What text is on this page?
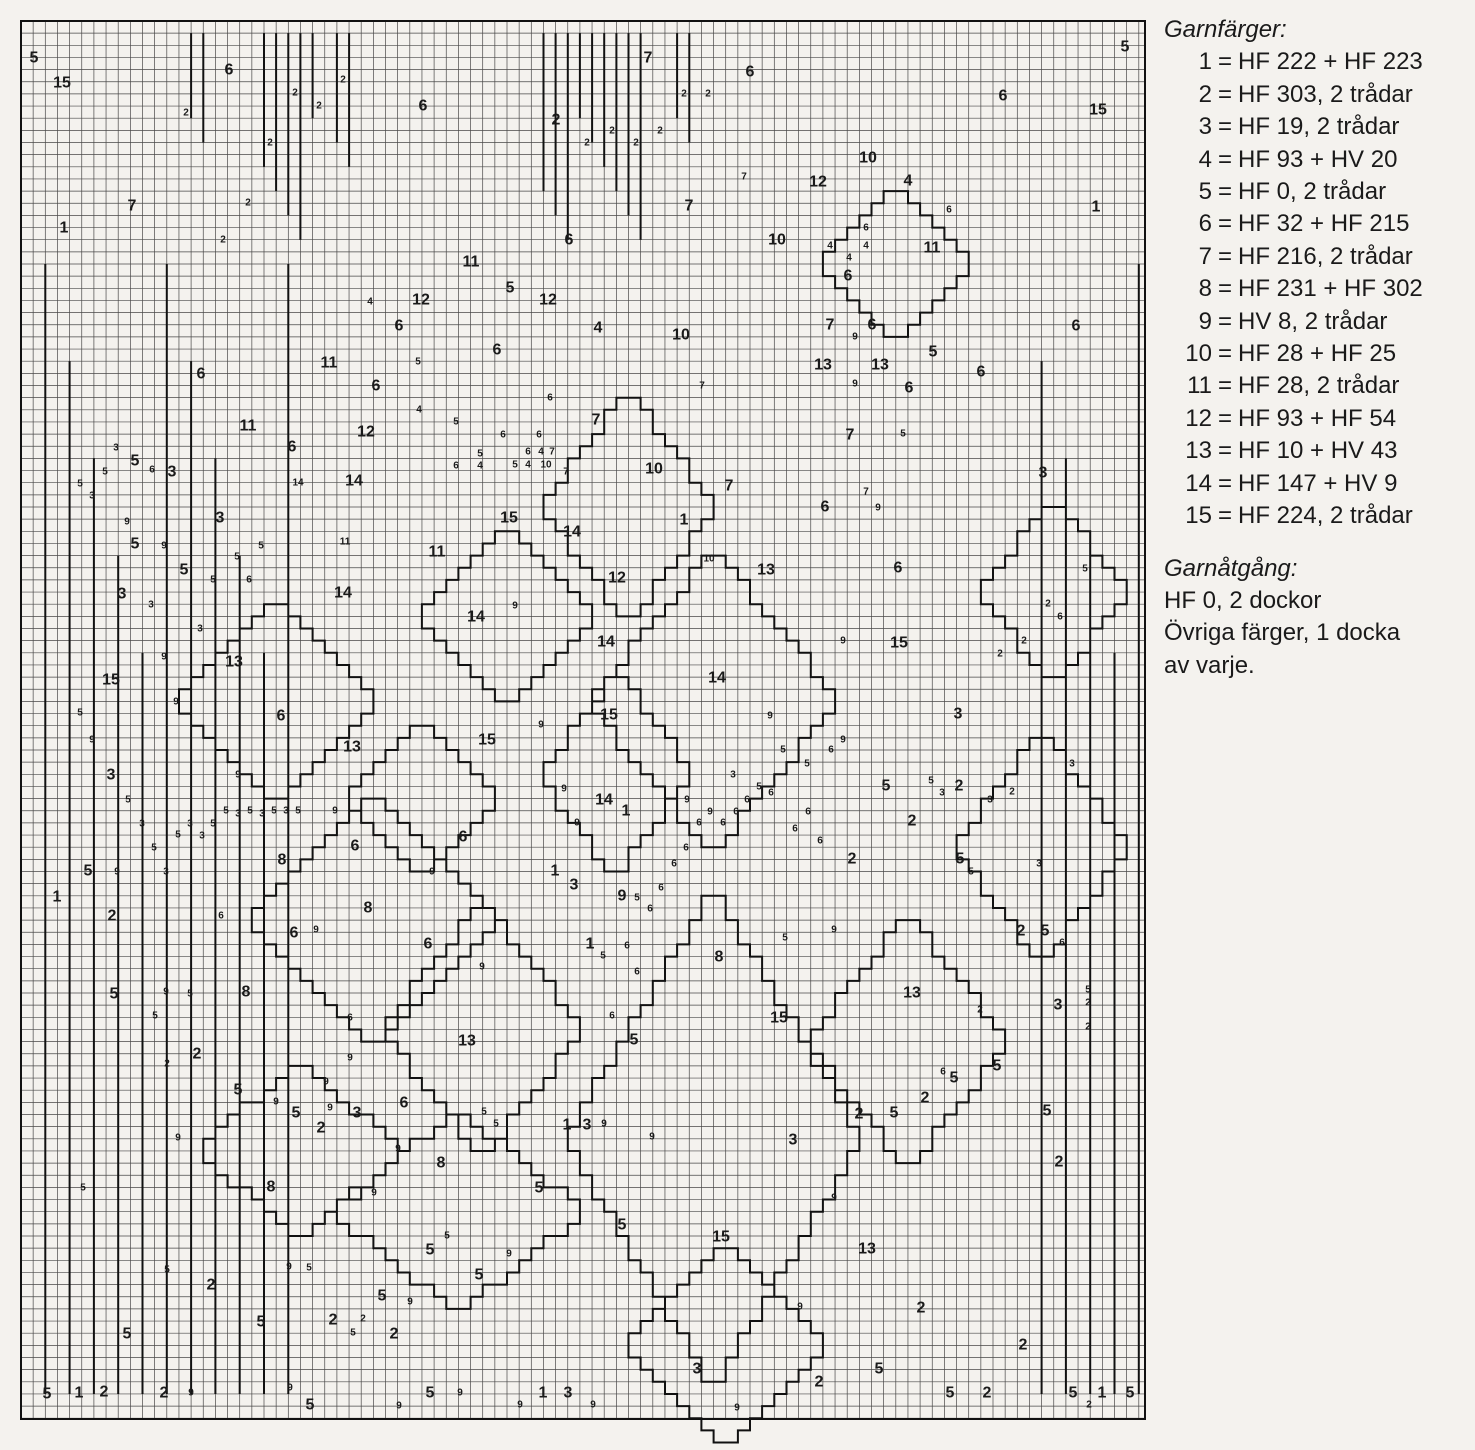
5
15
6
6
7
6
6
5
15
2
10
12	4
7	7
1
1
10	11
6
11
5
12
12
6
4	10
6	7 6	6
6
11	13 13
5
6
6	6
6
11	12
6
7
7
5
3
14
10
7
3
15
3	1
6
14
5	11
13
5	12
6
3	14
14
14	15
13
15	14
6	15	3
15
13
3
5	2
14
1
2
6
6
8	2	5
5	1
3
1	9
8
2
6	2 5
6	1
8
5	8	13
3
15
13	5
2
5
5
5
6	2
5	3	2 5	5
2	1 3
3
8	2
8	5
5
15
13
5
5
2
5
2
5	2
5	2
2
3	5
2
5 1 2	2	5	1 3	5 2	5 1 5
5
2
2
2
2 2
2
2	2
2	2	2
7
2
6
2
6
4	4
4
4
9
5
9
7
6
4
5
5
6	6
3
5	6 4 7
5	6	6 4	5 4 10
7
5	14
7
3
9
9
9	5	11
5	10
5
5	6
3	9	2
6
3
9	2
9	2
9
5	9
9
9	9
5	6
5	3
9	3
5
3
5
6
9	2
5	9	6	3
5 3 5 3 5 3 5	9	9 6	6
3	3 5	9	6 6
6
5
6
3
5	6
6	3
3
9	9	5
6
5
6
6
9	9
5	6
5
6
9	6
5
9 5
2
2
5	6
2
6
9
2
9
6
9
9	5
5	9
9	9
9
5	9	9
5
9
9 5
5
9	9
5
2
9	9	9
9	9
9	9	2
Garnfärger:
1 = HF 222 + HF 223
2 = HF 303, 2 trådar
3 = HF 19, 2 trådar
4 = HF 93 + HV 20
5 = HF 0, 2 trådar
6 = HF 32 + HF 215
7 = HF 216, 2 trådar
8 = HF 231 + HF 302
9 = HV 8, 2 trådar
10 = HF 28 + HF 25
11 = HF 28, 2 trådar
12 = HF 93 + HF 54
13 = HF 10 + HV 43
14 = HF 147 + HV 9
15 = HF 224, 2 trådar
Garnåtgång:
HF 0, 2 dockor
Övriga färger, 1 docka
av varje.
